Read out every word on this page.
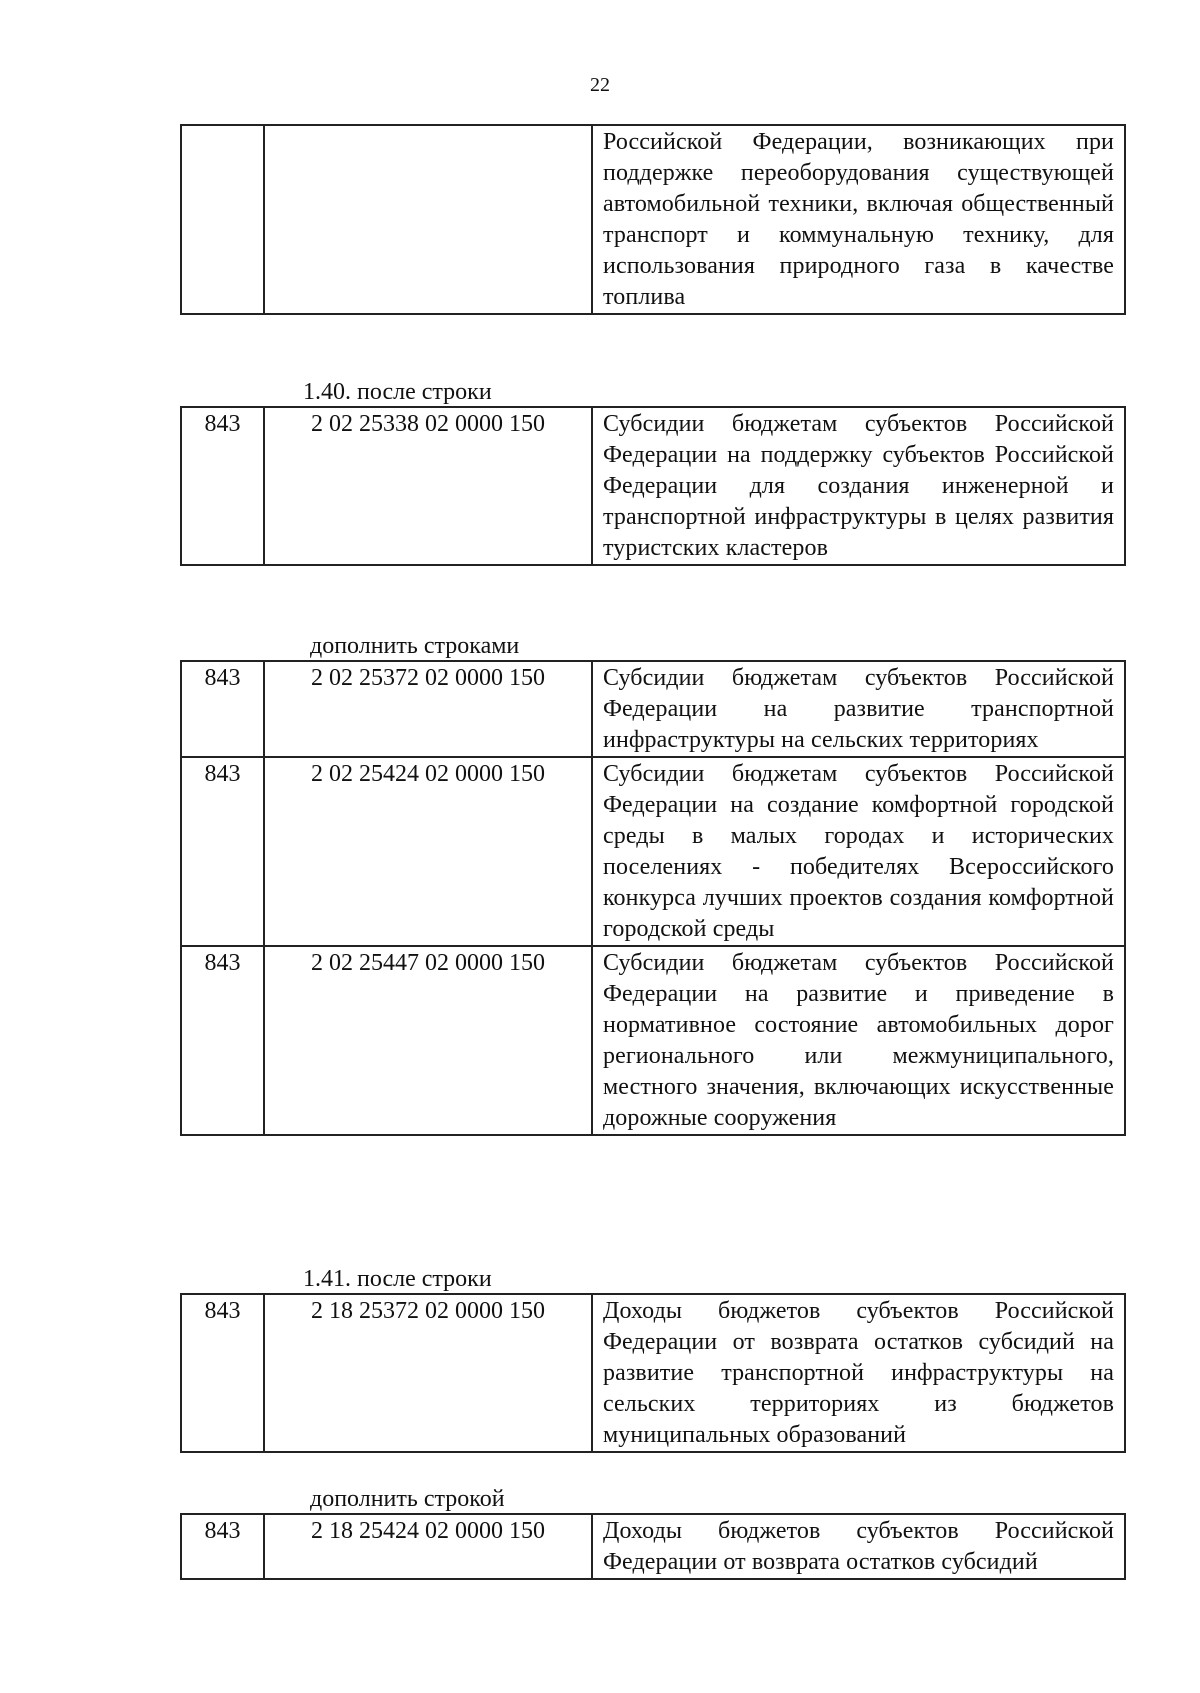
22
		Российской Федерации, возникающих при поддержке переоборудования существующей автомобильной техники, включая общественный транспорт и коммунальную технику, для использования природного газа в качестве топлива
1.40. после строки
843	2 02 25338 02 0000 150	Субсидии бюджетам субъектов Российской Федерации на поддержку субъектов Российской Федерации для создания инженерной и транспортной инфраструктуры в целях развития туристских кластеров
дополнить строками
843	2 02 25372 02 0000 150	Субсидии бюджетам субъектов Российской Федерации на развитие транспортной инфраструктуры на сельских территориях
843	2 02 25424 02 0000 150	Субсидии бюджетам субъектов Российской Федерации на создание комфортной городской среды в малых городах и исторических поселениях - победителях Всероссийского конкурса лучших проектов создания комфортной городской среды
843	2 02 25447 02 0000 150	Субсидии бюджетам субъектов Российской Федерации на развитие и приведение в нормативное состояние автомобильных дорог регионального или межмуниципального, местного значения, включающих искусственные дорожные сооружения
1.41. после строки
843	2 18 25372 02 0000 150	Доходы бюджетов субъектов Российской Федерации от возврата остатков субсидий на развитие транспортной инфраструктуры на сельских территориях из бюджетов муниципальных образований
дополнить строкой
843	2 18 25424 02 0000 150	Доходы бюджетов субъектов Российской Федерации от возврата остатков субсидий
